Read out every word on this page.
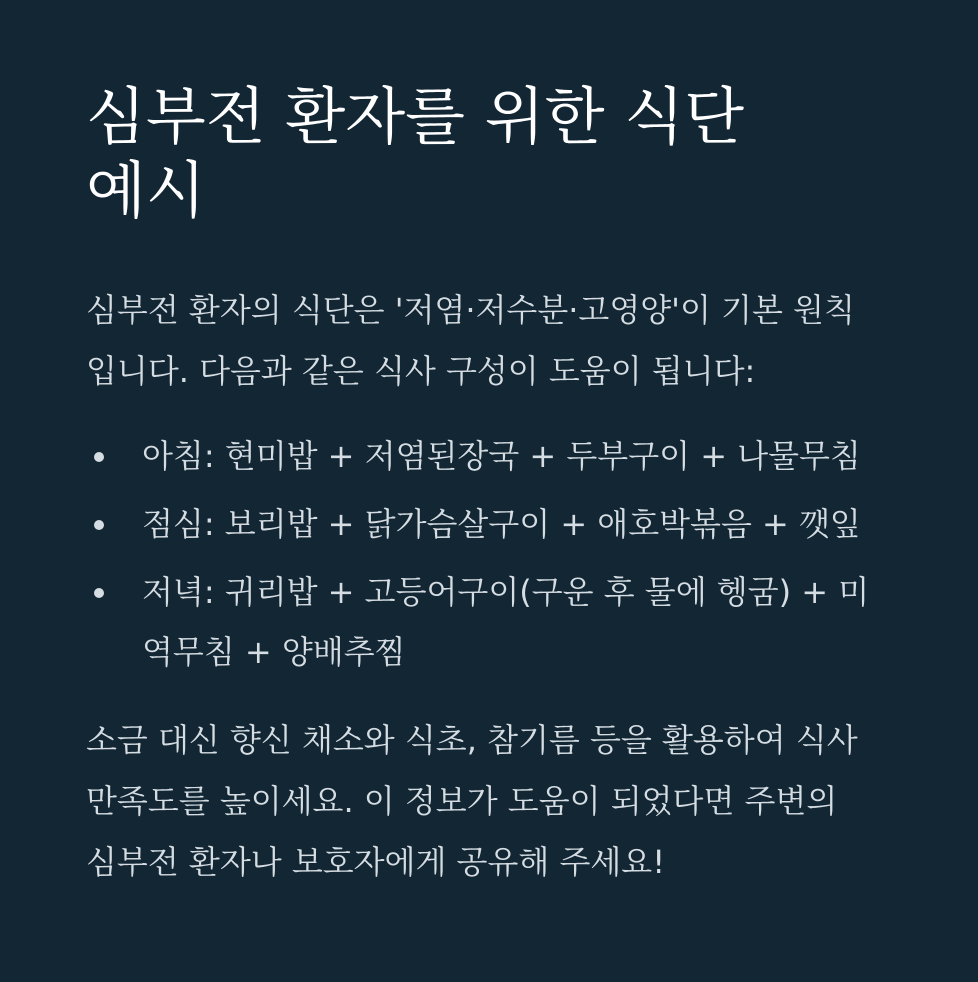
심부전 환자를 위한 식단
예시

심부전 환자의 식단은 '저염·저수분·고영양'이 기본 원칙입니다. 다음과 같은 식사 구성이 도움이 됩니다:

아침: 현미밥 + 저염된장국 + 두부구이 + 나물무침
점심: 보리밥 + 닭가슴살구이 + 애호박볶음 + 깻잎
저녁: 귀리밥 + 고등어구이(구운 후 물에 헹굼) + 미역무침 + 양배추찜

소금 대신 향신 채소와 식초, 참기름 등을 활용하여 식사 만족도를 높이세요. 이 정보가 도움이 되었다면 주변의 심부전 환자나 보호자에게 공유해 주세요!
